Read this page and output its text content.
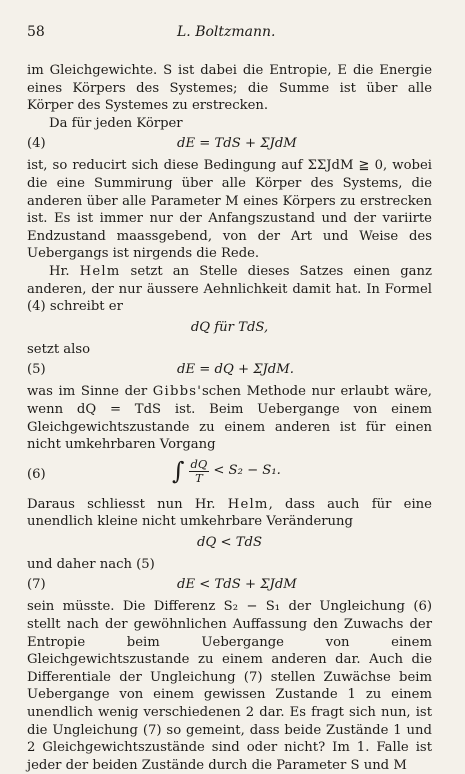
58	L. Boltzmann.
im Gleichgewichte. S ist dabei die Entropie, E die Energie eines Körpers des Systemes; die Summe ist über alle Körper des Systemes zu erstrecken.
Da für jeden Körper
(4)	dE = TdS + ΣJdM
ist, so reducirt sich diese Bedingung auf ΣΣJdM ≧ 0, wobei die eine Summirung über alle Körper des Systems, die anderen über alle Parameter M eines Körpers zu erstrecken ist. Es ist immer nur der Anfangszustand und der variirte Endzustand maassgebend, von der Art und Weise des Uebergangs ist nirgends die Rede.
Hr. Helm setzt an Stelle dieses Satzes einen ganz anderen, der nur äussere Aehnlichkeit damit hat. In Formel (4) schreibt er
dQ für TdS,
setzt also
(5)	dE = dQ + ΣJdM.
was im Sinne der Gibbs'schen Methode nur erlaubt wäre, wenn dQ = TdS ist. Beim Uebergange von einem Gleichgewichtszustande zu einem anderen ist für einen nicht umkehrbaren Vorgang
(6)	∫ $\frac{dQ}{T} < S_2 - S_1$.
Daraus schliesst nun Hr. Helm, dass auch für eine unendlich kleine nicht umkehrbare Veränderung
dQ < TdS
und daher nach (5)
(7)	dE < TdS + ΣJdM
sein müsste. Die Differenz S₂ − S₁ der Ungleichung (6) stellt nach der gewöhnlichen Auffassung den Zuwachs der Entropie beim Uebergange von einem Gleichgewichtszustande zu einem anderen dar. Auch die Differentiale der Ungleichung (7) stellen Zuwächse beim Uebergange von einem gewissen Zustande 1 zu einem unendlich wenig verschiedenen 2 dar. Es fragt sich nun, ist die Ungleichung (7) so gemeint, dass beide Zustände 1 und 2 Gleichgewichtszustände sind oder nicht? Im 1. Falle ist jeder der beiden Zustände durch die Parameter S und M
